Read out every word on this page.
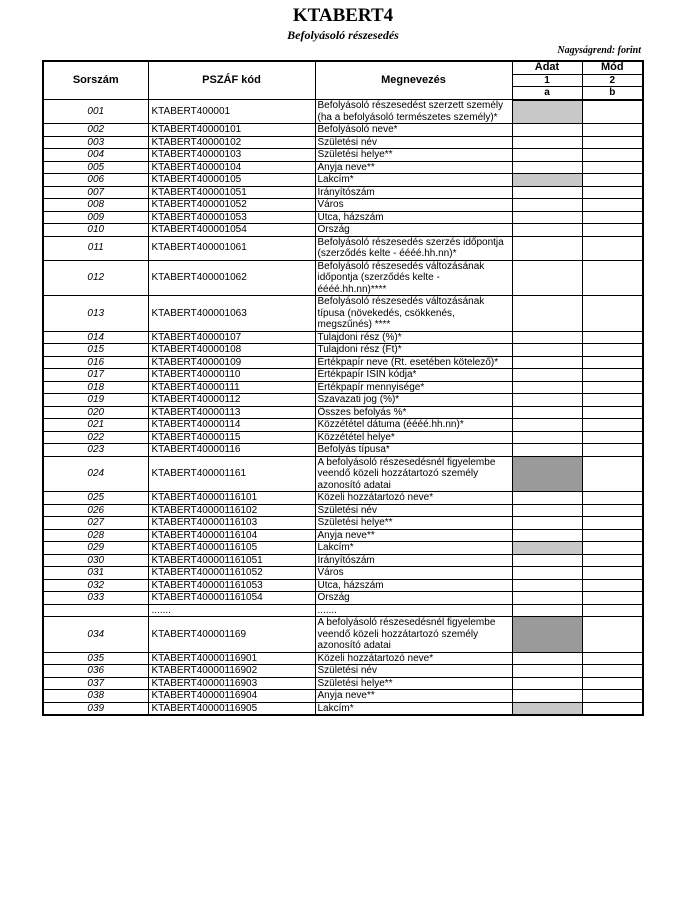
KTABERT4
Befolyásoló részesedés
Nagyságrend: forint
Sorszám	PSZÁF kód	Megnevezés	Adat	Mód
			1	2
			a	b
001	KTABERT400001	Befolyásoló részesedést szerzett személy (ha a befolyásoló természetes személy)*		
002	KTABERT40000101	Befolyásoló neve*		
003	KTABERT40000102	Születési név		
004	KTABERT40000103	Születési helye**		
005	KTABERT40000104	Anyja neve**		
006	KTABERT40000105	Lakcím*		
007	KTABERT400001051	Irányítószám		
008	KTABERT400001052	Város		
009	KTABERT400001053	Utca, házszám		
010	KTABERT400001054	Ország		
011	KTABERT400001061	Befolyásoló részesedés szerzés időpontja (szerződés kelte - éééé.hh.nn)*		
012	KTABERT400001062	Befolyásoló részesedés változásának időpontja (szerződés kelte - éééé.hh.nn)****		
013	KTABERT400001063	Befolyásoló részesedés változásának típusa (növekedés, csökkenés, megszűnés) ****		
014	KTABERT40000107	Tulajdoni rész (%)*		
015	KTABERT40000108	Tulajdoni rész (Ft)*		
016	KTABERT40000109	Értékpapír neve (Rt. esetében kötelező)*		
017	KTABERT40000110	Értékpapír ISIN kódja*		
018	KTABERT40000111	Értékpapír mennyisége*		
019	KTABERT40000112	Szavazati jog (%)*		
020	KTABERT40000113	Összes befolyás %*		
021	KTABERT40000114	Közzététel dátuma (éééé.hh.nn)*		
022	KTABERT40000115	Közzététel helye*		
023	KTABERT40000116	Befolyás típusa*		
024	KTABERT400001161	A befolyásoló részesedésnél figyelembe veendő közeli hozzátartozó személy azonosító adatai		
025	KTABERT40000116101	Közeli hozzátartozó neve*		
026	KTABERT40000116102	Születési név		
027	KTABERT40000116103	Születési helye**		
028	KTABERT40000116104	Anyja neve**		
029	KTABERT40000116105	Lakcím*		
030	KTABERT400001161051	Irányítószám		
031	KTABERT400001161052	Város		
032	KTABERT400001161053	Utca, házszám		
033	KTABERT400001161054	Ország		
	.......	.......		
034	KTABERT400001169	A befolyásoló részesedésnél figyelembe veendő közeli hozzátartozó személy azonosító adatai		
035	KTABERT40000116901	Közeli hozzátartozó neve*		
036	KTABERT40000116902	Születési név		
037	KTABERT40000116903	Születési helye**		
038	KTABERT40000116904	Anyja neve**		
039	KTABERT40000116905	Lakcím*		
